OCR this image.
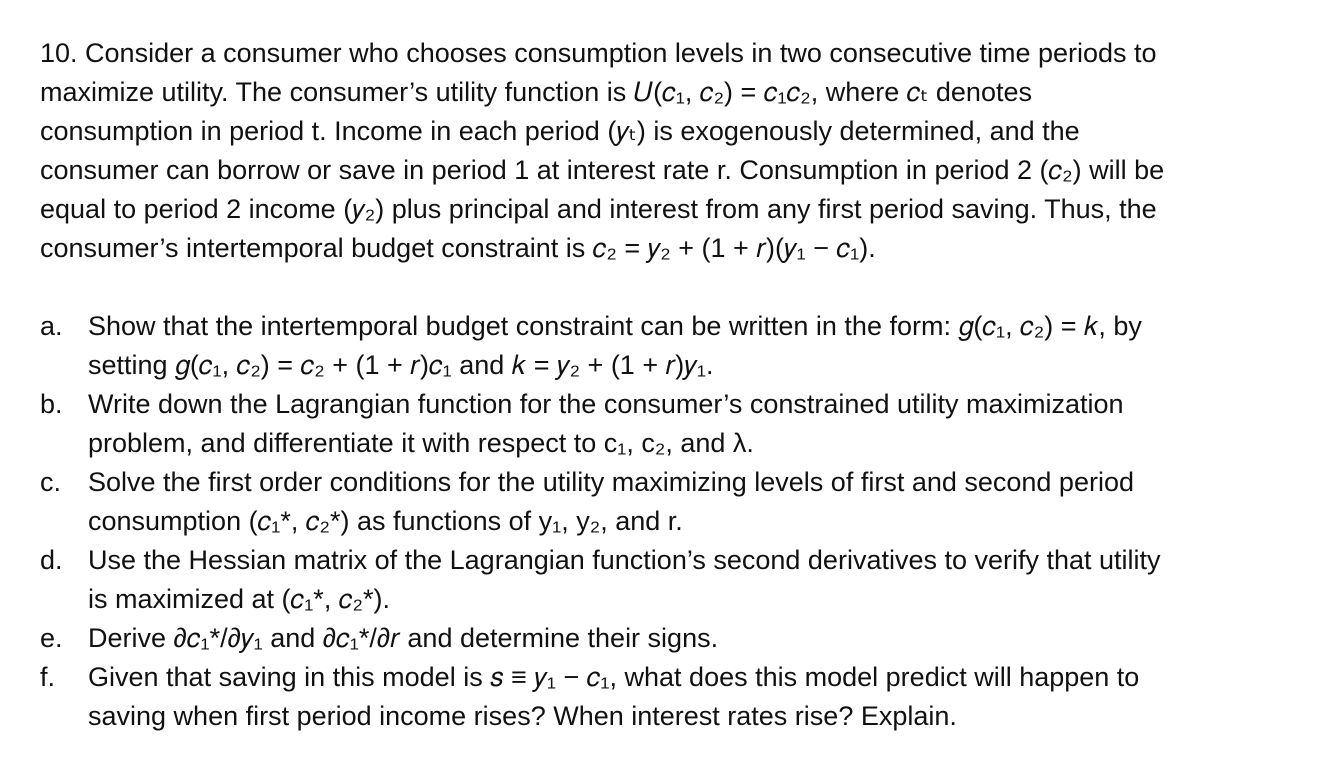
10. Consider a consumer who chooses consumption levels in two consecutive time periods to
maximize utility. The consumer’s utility function is 𝑈(𝑐₁, 𝑐₂) = 𝑐₁𝑐₂, where 𝑐ₜ denotes
consumption in period t. Income in each period (𝑦ₜ) is exogenously determined, and the
consumer can borrow or save in period 1 at interest rate r. Consumption in period 2 (𝑐₂) will be
equal to period 2 income (𝑦₂) plus principal and interest from any first period saving. Thus, the
consumer’s intertemporal budget constraint is 𝑐₂ = 𝑦₂ + (1 + 𝑟)(𝑦₁ − 𝑐₁).

a. Show that the intertemporal budget constraint can be written in the form: 𝑔(𝑐₁, 𝑐₂) = 𝑘, by
setting 𝑔(𝑐₁, 𝑐₂) = 𝑐₂ + (1 + 𝑟)𝑐₁ and 𝑘 = 𝑦₂ + (1 + 𝑟)𝑦₁.
b. Write down the Lagrangian function for the consumer’s constrained utility maximization
problem, and differentiate it with respect to c₁, c₂, and λ.
c. Solve the first order conditions for the utility maximizing levels of first and second period
consumption (𝑐₁*, 𝑐₂*) as functions of y₁, y₂, and r.
d. Use the Hessian matrix of the Lagrangian function’s second derivatives to verify that utility
is maximized at (𝑐₁*, 𝑐₂*).
e. Derive ∂𝑐₁*/∂𝑦₁ and ∂𝑐₁*/∂𝑟 and determine their signs.
f.	Given that saving in this model is 𝑠 ≡ 𝑦₁ − 𝑐₁, what does this model predict will happen to
saving when first period income rises? When interest rates rise? Explain.
